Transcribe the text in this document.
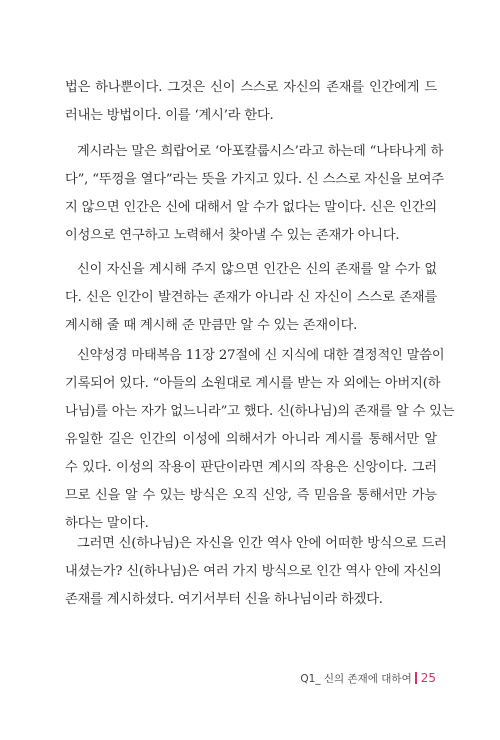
법은 하나뿐이다. 그것은 신이 스스로 자신의 존재를 인간에게 드
러내는 방법이다. 이를 ‘계시’라 한다.
계시라는 말은 희랍어로 ‘아포칼룹시스’라고 하는데 “나타나게 하
다”, “뚜껑을 열다”라는 뜻을 가지고 있다. 신 스스로 자신을 보여주
지 않으면 인간은 신에 대해서 알 수가 없다는 말이다. 신은 인간의
이성으로 연구하고 노력해서 찾아낼 수 있는 존재가 아니다.
신이 자신을 계시해 주지 않으면 인간은 신의 존재를 알 수가 없
다. 신은 인간이 발견하는 존재가 아니라 신 자신이 스스로 존재를
계시해 줄 때 계시해 준 만큼만 알 수 있는 존재이다.
신약성경 마태복음 11장 27절에 신 지식에 대한 결정적인 말씀이
기록되어 있다. “아들의 소원대로 계시를 받는 자 외에는 아버지(하
나님)를 아는 자가 없느니라”고 했다. 신(하나님)의 존재를 알 수 있는
유일한 길은 인간의 이성에 의해서가 아니라 계시를 통해서만 알
수 있다. 이성의 작용이 판단이라면 계시의 작용은 신앙이다. 그러
므로 신을 알 수 있는 방식은 오직 신앙, 즉 믿음을 통해서만 가능
하다는 말이다.
그러면 신(하나님)은 자신을 인간 역사 안에 어떠한 방식으로 드러
내셨는가? 신(하나님)은 여러 가지 방식으로 인간 역사 안에 자신의
존재를 계시하셨다. 여기서부터 신을 하나님이라 하겠다.
Q1_ 신의 존재에 대하여 25
